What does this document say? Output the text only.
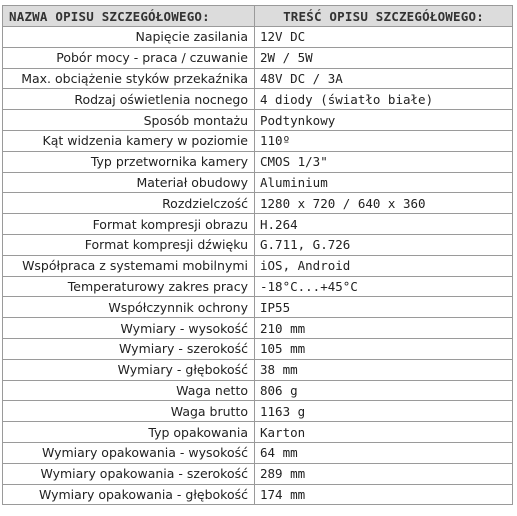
NAZWA OPISU SZCZEGÓŁOWEGO:	TREŚĆ OPISU SZCZEGÓŁOWEGO:
Napięcie zasilania	12V DC
Pobór mocy - praca / czuwanie	2W / 5W
Max. obciążenie styków przekaźnika	48V DC / 3A
Rodzaj oświetlenia nocnego	4 diody (światło białe)
Sposób montażu	Podtynkowy
Kąt widzenia kamery w poziomie	110º
Typ przetwornika kamery	CMOS 1/3"
Materiał obudowy	Aluminium
Rozdzielczość	1280 x 720 / 640 x 360
Format kompresji obrazu	H.264
Format kompresji dźwięku	G.711, G.726
Współpraca z systemami mobilnymi	iOS, Android
Temperaturowy zakres pracy	-18°C...+45°C
Współczynnik ochrony	IP55
Wymiary - wysokość	210 mm
Wymiary - szerokość	105 mm
Wymiary - głębokość	38 mm
Waga netto	806 g
Waga brutto	1163 g
Typ opakowania	Karton
Wymiary opakowania - wysokość	64 mm
Wymiary opakowania - szerokość	289 mm
Wymiary opakowania - głębokość	174 mm
